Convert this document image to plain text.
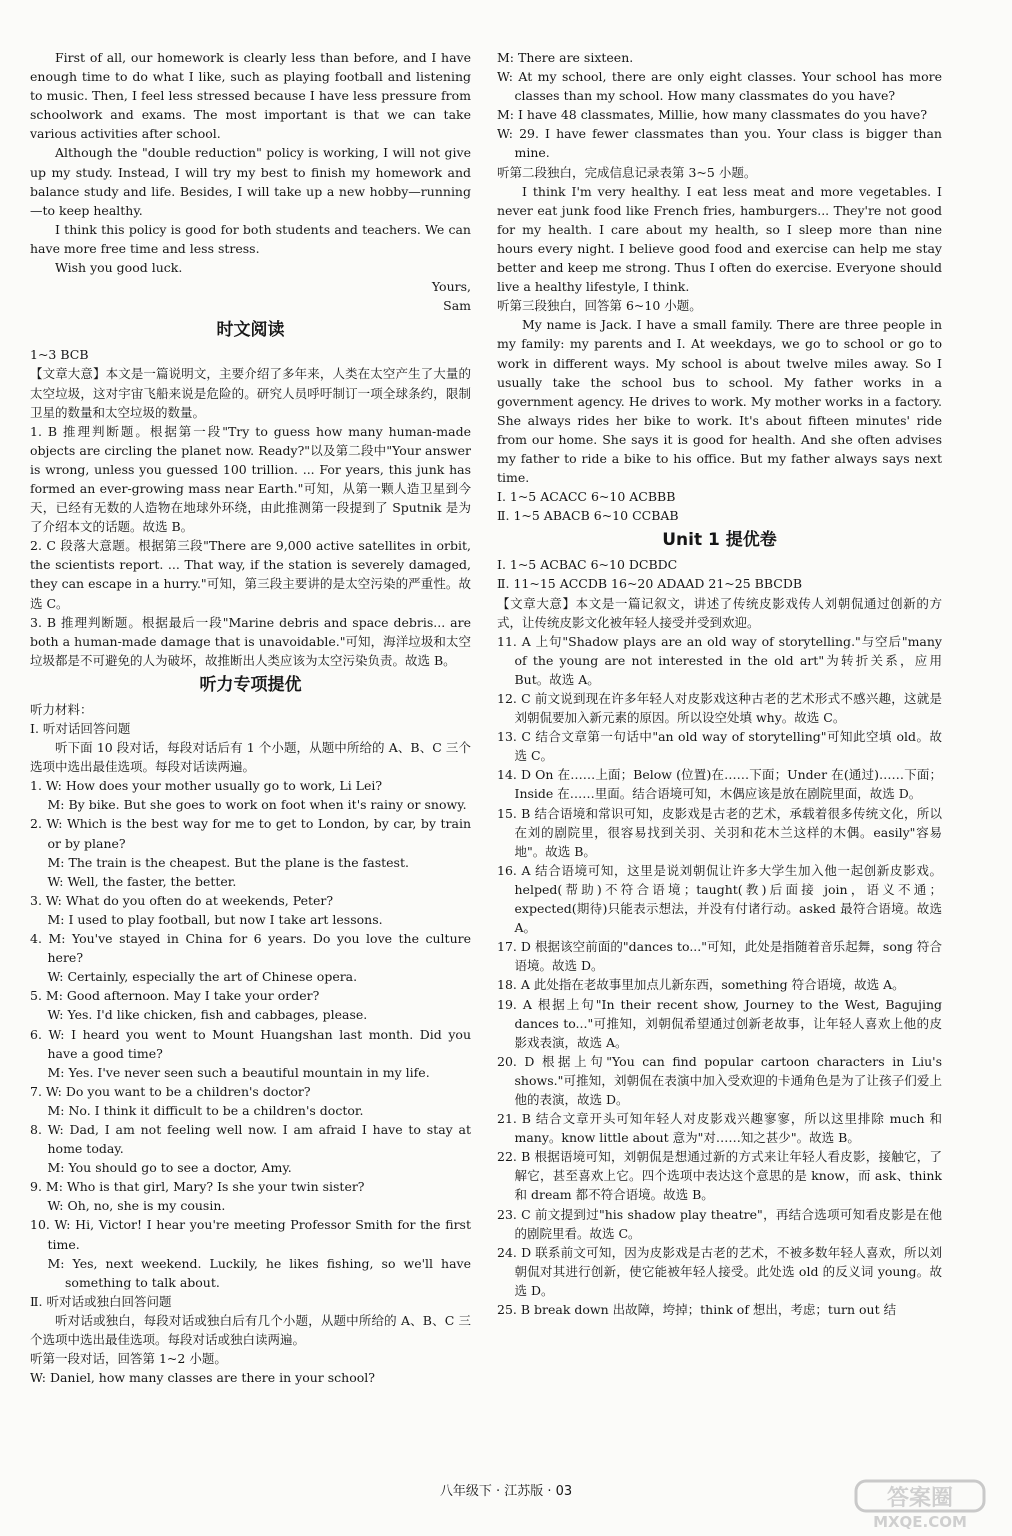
First of all, our homework is clearly less than before, and I have enough time to do what I like, such as playing football and listening to music. Then, I feel less stressed because I have less pressure from schoolwork and exams. The most important is that we can take various activities after school.

Although the "double reduction" policy is working, I will not give up my study. Instead, I will try my best to finish my homework and balance study and life. Besides, I will take up a new hobby—running—to keep healthy.

I think this policy is good for both students and teachers. We can have more free time and less stress.

Wish you good luck.

Yours,

Sam

时文阅读

1~3 BCB

【文章大意】本文是一篇说明文，主要介绍了多年来，人类在太空产生了大量的太空垃圾，这对宇宙飞船来说是危险的。研究人员呼吁制订一项全球条约，限制卫星的数量和太空垃圾的数量。

1. B 推理判断题。根据第一段"Try to guess how many human-made objects are circling the planet now. Ready?"以及第二段中"Your answer is wrong, unless you guessed 100 trillion. ... For years, this junk has formed an ever-growing mass near Earth."可知，从第一颗人造卫星到今天，已经有无数的人造物在地球外环绕，由此推测第一段提到了 Sputnik 是为了介绍本文的话题。故选 B。

2. C 段落大意题。根据第三段"There are 9,000 active satellites in orbit, the scientists report. ... That way, if the station is severely damaged, they can escape in a hurry."可知，第三段主要讲的是太空污染的严重性。故选 C。

3. B 推理判断题。根据最后一段"Marine debris and space debris... are both a human-made damage that is unavoidable."可知，海洋垃圾和太空垃圾都是不可避免的人为破坏，故推断出人类应该为太空污染负责。故选 B。

听力专项提优

听力材料：

Ⅰ. 听对话回答问题

听下面 10 段对话，每段对话后有 1 个小题，从题中所给的 A、B、C 三个选项中选出最佳选项。每段对话读两遍。

1. W: How does your mother usually go to work, Li Lei?

M: By bike. But she goes to work on foot when it's rainy or snowy.

2. W: Which is the best way for me to get to London, by car, by train or by plane?

M: The train is the cheapest. But the plane is the fastest.

W: Well, the faster, the better.

3. W: What do you often do at weekends, Peter?

M: I used to play football, but now I take art lessons.

4. M: You've stayed in China for 6 years. Do you love the culture here?

W: Certainly, especially the art of Chinese opera.

5. M: Good afternoon. May I take your order?

W: Yes. I'd like chicken, fish and cabbages, please.

6. W: I heard you went to Mount Huangshan last month. Did you have a good time?

M: Yes. I've never seen such a beautiful mountain in my life.

7. W: Do you want to be a children's doctor?

M: No. I think it difficult to be a children's doctor.

8. W: Dad, I am not feeling well now. I am afraid I have to stay at home today.

M: You should go to see a doctor, Amy.

9. M: Who is that girl, Mary? Is she your twin sister?

W: Oh, no, she is my cousin.

10. W: Hi, Victor! I hear you're meeting Professor Smith for the first time.

M: Yes, next weekend. Luckily, he likes fishing, so we'll have something to talk about.

Ⅱ. 听对话或独白回答问题

听对话或独白，每段对话或独白后有几个小题，从题中所给的 A、B、C 三个选项中选出最佳选项。每段对话或独白读两遍。

听第一段对话，回答第 1~2 小题。

W: Daniel, how many classes are there in your school?

M: There are sixteen.

W: At my school, there are only eight classes. Your school has more classes than my school. How many classmates do you have?

M: I have 48 classmates, Millie, how many classmates do you have?

W: 29. I have fewer classmates than you. Your class is bigger than mine.

听第二段独白，完成信息记录表第 3~5 小题。

I think I'm very healthy. I eat less meat and more vegetables. I never eat junk food like French fries, hamburgers... They're not good for my health. I care about my health, so I sleep more than nine hours every night. I believe good food and exercise can help me stay better and keep me strong. Thus I often do exercise. Everyone should live a healthy lifestyle, I think.

听第三段独白，回答第 6~10 小题。

My name is Jack. I have a small family. There are three people in my family: my parents and I. At weekdays, we go to school or go to work in different ways. My school is about twelve miles away. So I usually take the school bus to school. My father works in a government agency. He drives to work. My mother works in a factory. She always rides her bike to work. It's about fifteen minutes' ride from our home. She says it is good for health. And she often advises my father to ride a bike to his office. But my father always says next time.

Ⅰ. 1~5 ACACC 6~10 ACBBB

Ⅱ. 1~5 ABACB 6~10 CCBAB

Unit 1 提优卷

Ⅰ. 1~5 ACBAC 6~10 DCBDC

Ⅱ. 11~15 ACCDB 16~20 ADAAD 21~25 BBCDB

【文章大意】本文是一篇记叙文，讲述了传统皮影戏传人刘朝侃通过创新的方式，让传统皮影文化被年轻人接受并受到欢迎。

11. A 上句"Shadow plays are an old way of storytelling."与空后"many of the young are not interested in the old art"为转折关系，应用 But。故选 A。

12. C 前文说到现在许多年轻人对皮影戏这种古老的艺术形式不感兴趣，这就是刘朝侃要加入新元素的原因。所以设空处填 why。故选 C。

13. C 结合文章第一句话中"an old way of storytelling"可知此空填 old。故选 C。

14. D On 在……上面；Below (位置)在……下面；Under 在(通过)……下面；Inside 在……里面。结合语境可知，木偶应该是放在剧院里面，故选 D。

15. B 结合语境和常识可知，皮影戏是古老的艺术，承载着很多传统文化，所以在刘的剧院里，很容易找到关羽、关羽和花木兰这样的木偶。easily"容易地"。故选 B。

16. A 结合语境可知，这里是说刘朝侃让许多大学生加入他一起创新皮影戏。helped(帮助)不符合语境；taught(教)后面接 join，语义不通；expected(期待)只能表示想法，并没有付诸行动。asked 最符合语境。故选 A。

17. D 根据该空前面的"dances to..."可知，此处是指随着音乐起舞，song 符合语境。故选 D。

18. A 此处指在老故事里加点儿新东西，something 符合语境，故选 A。

19. A 根据上句"In their recent show, Journey to the West, Bagujing dances to..."可推知，刘朝侃希望通过创新老故事，让年轻人喜欢上他的皮影戏表演，故选 A。

20. D 根据上句"You can find popular cartoon characters in Liu's shows."可推知，刘朝侃在表演中加入受欢迎的卡通角色是为了让孩子们爱上他的表演，故选 D。

21. B 结合文章开头可知年轻人对皮影戏兴趣寥寥，所以这里排除 much 和 many。know little about 意为"对……知之甚少"。故选 B。

22. B 根据语境可知，刘朝侃是想通过新的方式来让年轻人看皮影，接触它，了解它，甚至喜欢上它。四个选项中表达这个意思的是 know，而 ask、think 和 dream 都不符合语境。故选 B。

23. C 前文提到过"his shadow play theatre"，再结合选项可知看皮影是在他的剧院里看。故选 C。

24. D 联系前文可知，因为皮影戏是古老的艺术，不被多数年轻人喜欢，所以刘朝侃对其进行创新，使它能被年轻人接受。此处选 old 的反义词 young。故选 D。

25. B break down 出故障，垮掉；think of 想出，考虑；turn out 结

八年级下 · 江苏版 · 03	答案圈
MXQE.COM
